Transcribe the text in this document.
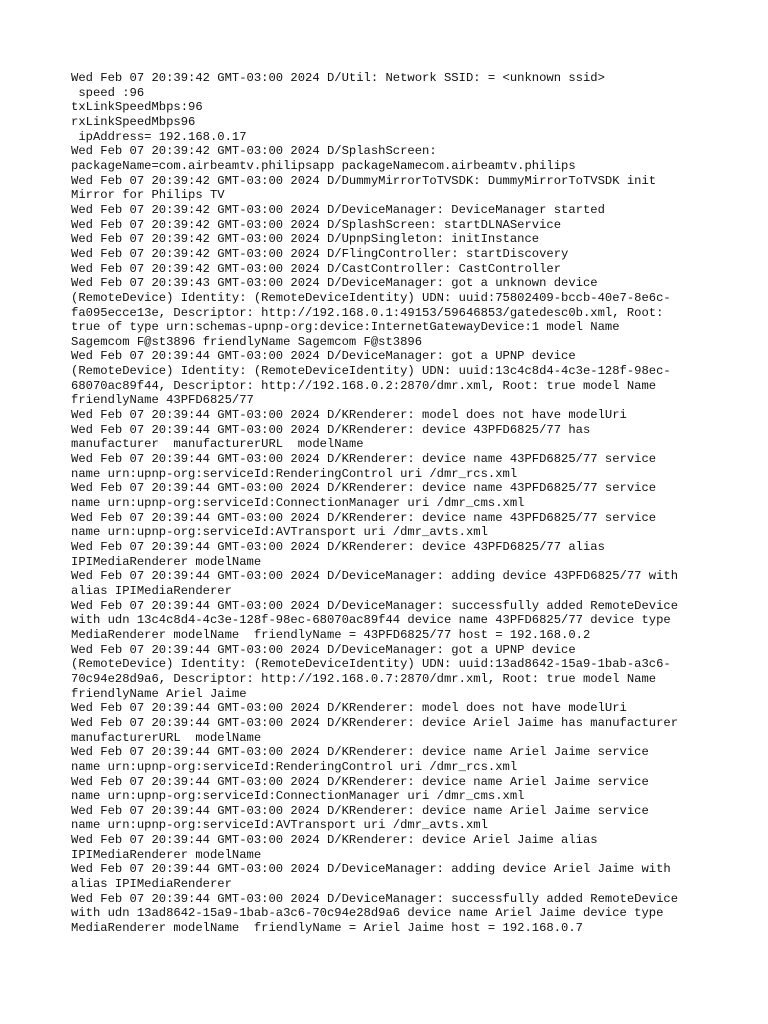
Wed Feb 07 20:39:42 GMT-03:00 2024 D/Util: Network SSID: = <unknown ssid>

speed :96

txLinkSpeedMbps:96

rxLinkSpeedMbps96

ipAddress= 192.168.0.17

Wed Feb 07 20:39:42 GMT-03:00 2024 D/SplashScreen:

packageName=com.airbeamtv.philipsapp packageNamecom.airbeamtv.philips

Wed Feb 07 20:39:42 GMT-03:00 2024 D/DummyMirrorToTVSDK: DummyMirrorToTVSDK init

Mirror for Philips TV

Wed Feb 07 20:39:42 GMT-03:00 2024 D/DeviceManager: DeviceManager started

Wed Feb 07 20:39:42 GMT-03:00 2024 D/SplashScreen: startDLNAService

Wed Feb 07 20:39:42 GMT-03:00 2024 D/UpnpSingleton: initInstance

Wed Feb 07 20:39:42 GMT-03:00 2024 D/FlingController: startDiscovery

Wed Feb 07 20:39:42 GMT-03:00 2024 D/CastController: CastController

Wed Feb 07 20:39:43 GMT-03:00 2024 D/DeviceManager: got a unknown device

(RemoteDevice) Identity: (RemoteDeviceIdentity) UDN: uuid:75802409-bccb-40e7-8e6c-

fa095ecce13e, Descriptor: http://192.168.0.1:49153/59646853/gatedesc0b.xml, Root:

true of type urn:schemas-upnp-org:device:InternetGatewayDevice:1 model Name

Sagemcom F@st3896 friendlyName Sagemcom F@st3896

Wed Feb 07 20:39:44 GMT-03:00 2024 D/DeviceManager: got a UPNP device

(RemoteDevice) Identity: (RemoteDeviceIdentity) UDN: uuid:13c4c8d4-4c3e-128f-98ec-

68070ac89f44, Descriptor: http://192.168.0.2:2870/dmr.xml, Root: true model Name

friendlyName 43PFD6825/77

Wed Feb 07 20:39:44 GMT-03:00 2024 D/KRenderer: model does not have modelUri

Wed Feb 07 20:39:44 GMT-03:00 2024 D/KRenderer: device 43PFD6825/77 has

manufacturer  manufacturerURL  modelName

Wed Feb 07 20:39:44 GMT-03:00 2024 D/KRenderer: device name 43PFD6825/77 service

name urn:upnp-org:serviceId:RenderingControl uri /dmr_rcs.xml

Wed Feb 07 20:39:44 GMT-03:00 2024 D/KRenderer: device name 43PFD6825/77 service

name urn:upnp-org:serviceId:ConnectionManager uri /dmr_cms.xml

Wed Feb 07 20:39:44 GMT-03:00 2024 D/KRenderer: device name 43PFD6825/77 service

name urn:upnp-org:serviceId:AVTransport uri /dmr_avts.xml

Wed Feb 07 20:39:44 GMT-03:00 2024 D/KRenderer: device 43PFD6825/77 alias

IPIMediaRenderer modelName

Wed Feb 07 20:39:44 GMT-03:00 2024 D/DeviceManager: adding device 43PFD6825/77 with

alias IPIMediaRenderer

Wed Feb 07 20:39:44 GMT-03:00 2024 D/DeviceManager: successfully added RemoteDevice

with udn 13c4c8d4-4c3e-128f-98ec-68070ac89f44 device name 43PFD6825/77 device type

MediaRenderer modelName  friendlyName = 43PFD6825/77 host = 192.168.0.2

Wed Feb 07 20:39:44 GMT-03:00 2024 D/DeviceManager: got a UPNP device

(RemoteDevice) Identity: (RemoteDeviceIdentity) UDN: uuid:13ad8642-15a9-1bab-a3c6-

70c94e28d9a6, Descriptor: http://192.168.0.7:2870/dmr.xml, Root: true model Name

friendlyName Ariel Jaime

Wed Feb 07 20:39:44 GMT-03:00 2024 D/KRenderer: model does not have modelUri

Wed Feb 07 20:39:44 GMT-03:00 2024 D/KRenderer: device Ariel Jaime has manufacturer

manufacturerURL  modelName

Wed Feb 07 20:39:44 GMT-03:00 2024 D/KRenderer: device name Ariel Jaime service

name urn:upnp-org:serviceId:RenderingControl uri /dmr_rcs.xml

Wed Feb 07 20:39:44 GMT-03:00 2024 D/KRenderer: device name Ariel Jaime service

name urn:upnp-org:serviceId:ConnectionManager uri /dmr_cms.xml

Wed Feb 07 20:39:44 GMT-03:00 2024 D/KRenderer: device name Ariel Jaime service

name urn:upnp-org:serviceId:AVTransport uri /dmr_avts.xml

Wed Feb 07 20:39:44 GMT-03:00 2024 D/KRenderer: device Ariel Jaime alias

IPIMediaRenderer modelName

Wed Feb 07 20:39:44 GMT-03:00 2024 D/DeviceManager: adding device Ariel Jaime with

alias IPIMediaRenderer

Wed Feb 07 20:39:44 GMT-03:00 2024 D/DeviceManager: successfully added RemoteDevice

with udn 13ad8642-15a9-1bab-a3c6-70c94e28d9a6 device name Ariel Jaime device type

MediaRenderer modelName  friendlyName = Ariel Jaime host = 192.168.0.7
